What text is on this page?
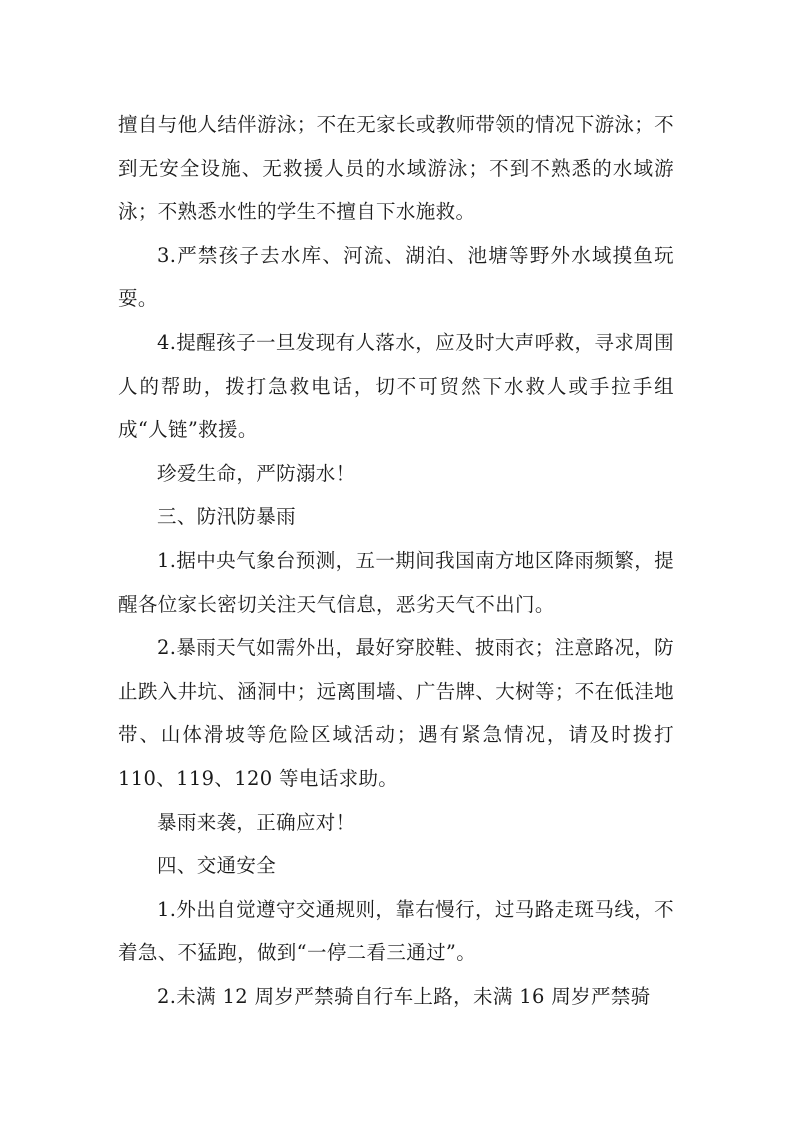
擅自与他人结伴游泳；不在无家长或教师带领的情况下游泳；不到无安全设施、无救援人员的水域游泳；不到不熟悉的水域游泳；不熟悉水性的学生不擅自下水施救。

3.严禁孩子去水库、河流、湖泊、池塘等野外水域摸鱼玩耍。

4.提醒孩子一旦发现有人落水，应及时大声呼救，寻求周围人的帮助，拨打急救电话，切不可贸然下水救人或手拉手组成“人链”救援。

珍爱生命，严防溺水！

三、防汛防暴雨

1.据中央气象台预测，五一期间我国南方地区降雨频繁，提醒各位家长密切关注天气信息，恶劣天气不出门。

2.暴雨天气如需外出，最好穿胶鞋、披雨衣；注意路况，防止跌入井坑、涵洞中；远离围墙、广告牌、大树等；不在低洼地带、山体滑坡等危险区域活动；遇有紧急情况，请及时拨打 110、119、120 等电话求助。

暴雨来袭，正确应对！

四、交通安全

1.外出自觉遵守交通规则，靠右慢行，过马路走斑马线，不着急、不猛跑，做到“一停二看三通过”。

2.未满 12 周岁严禁骑自行车上路，未满 16 周岁严禁骑
